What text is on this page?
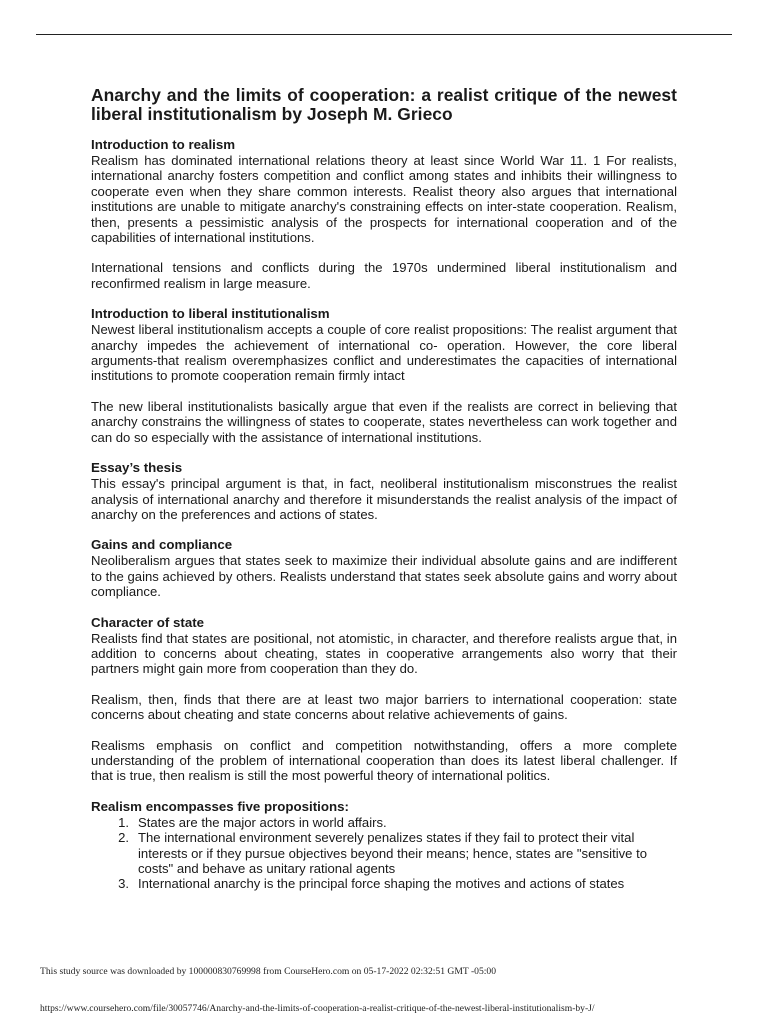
Anarchy and the limits of cooperation: a realist critique of the newest liberal institutionalism by Joseph M. Grieco
Introduction to realism

Realism has dominated international relations theory at least since World War 11. 1 For realists, international anarchy fosters competition and conflict among states and inhibits their willingness to cooperate even when they share common interests. Realist theory also argues that international institutions are unable to mitigate anarchy's constraining effects on inter-state cooperation. Realism, then, presents a pessimistic analysis of the prospects for international cooperation and of the capabilities of international institutions.

International tensions and conflicts during the 1970s undermined liberal institutionalism and reconfirmed realism in large measure.

Introduction to liberal institutionalism

Newest liberal institutionalism accepts a couple of core realist propositions: The realist argument that anarchy impedes the achievement of international co- operation. However, the core liberal arguments-that realism overemphasizes conflict and underestimates the capacities of international institutions to promote cooperation remain firmly intact

The new liberal institutionalists basically argue that even if the realists are correct in believing that anarchy constrains the willingness of states to cooperate, states nevertheless can work together and can do so especially with the assistance of international institutions.

Essay’s thesis

This essay's principal argument is that, in fact, neoliberal institutionalism misconstrues the realist analysis of international anarchy and therefore it misunderstands the realist analysis of the impact of anarchy on the preferences and actions of states.

Gains and compliance

Neoliberalism argues that states seek to maximize their individual absolute gains and are indifferent to the gains achieved by others. Realists understand that states seek absolute gains and worry about compliance.

Character of state

Realists find that states are positional, not atomistic, in character, and therefore realists argue that, in addition to concerns about cheating, states in cooperative arrangements also worry that their partners might gain more from cooperation than they do.

Realism, then, finds that there are at least two major barriers to international cooperation: state concerns about cheating and state concerns about relative achievements of gains.

Realisms emphasis on conflict and competition notwithstanding, offers a more complete understanding of the problem of international cooperation than does its latest liberal challenger. If that is true, then realism is still the most powerful theory of international politics.

Realism encompasses five propositions:
1. States are the major actors in world affairs.
2. The international environment severely penalizes states if they fail to protect their vital interests or if they pursue objectives beyond their means; hence, states are "sensitive to costs" and behave as unitary rational agents
3. International anarchy is the principal force shaping the motives and actions of states
This study source was downloaded by 100000830769998 from CourseHero.com on 05-17-2022 02:32:51 GMT -05:00
https://www.coursehero.com/file/30057746/Anarchy-and-the-limits-of-cooperation-a-realist-critique-of-the-newest-liberal-institutionalism-by-J/
